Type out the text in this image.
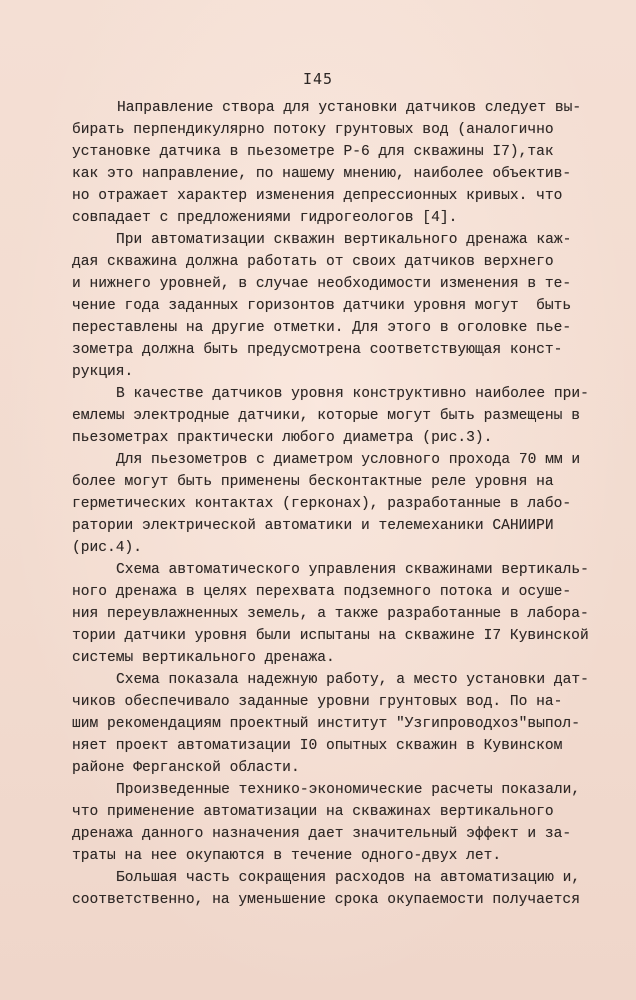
I45
Направление створа для установки датчиков следует вы-
бирать перпендикулярно потоку грунтовых вод (аналогично
установке датчика в пьезометре Р-6 для скважины I7),так
как это направление, по нашему мнению, наиболее объектив-
но отражает характер изменения депрессионных кривых. что
совпадает с предложениями гидрогеологов [4].
При автоматизации скважин вертикального дренажа каж-
дая скважина должна работать от своих датчиков верхнего
и нижнего уровней, в случае необходимости изменения в те-
чение года заданных горизонтов датчики уровня могут  быть
переставлены на другие отметки. Для этого в оголовке пье-
зометра должна быть предусмотрена соответствующая конст-
рукция.
В качестве датчиков уровня конструктивно наиболее при-
емлемы электродные датчики, которые могут быть размещены в
пьезометрах практически любого диаметра (рис.3).
Для пьезометров с диаметром условного прохода 70 мм и
более могут быть применены бесконтактные реле уровня на
герметических контактах (герконах), разработанные в лабо-
ратории электрической автоматики и телемеханики САНИИРИ
(рис.4).
Схема автоматического управления скважинами вертикаль-
ного дренажа в целях перехвата подземного потока и осуше-
ния переувлажненных земель, а также разработанные в лабора-
тории датчики уровня были испытаны на скважине I7 Кувинской
системы вертикального дренажа.
Схема показала надежную работу, а место установки дат-
чиков обеспечивало заданные уровни грунтовых вод. По на-
шим рекомендациям проектный институт "Узгипроводхоз"выпол-
няет проект автоматизации I0 опытных скважин в Кувинском
районе Ферганской области.
Произведенные технико-экономические расчеты показали,
что применение автоматизации на скважинах вертикального
дренажа данного назначения дает значительный эффект и за-
траты на нее окупаются в течение одного-двух лет.
Большая часть сокращения расходов на автоматизацию и,
соответственно, на уменьшение срока окупаемости получается
